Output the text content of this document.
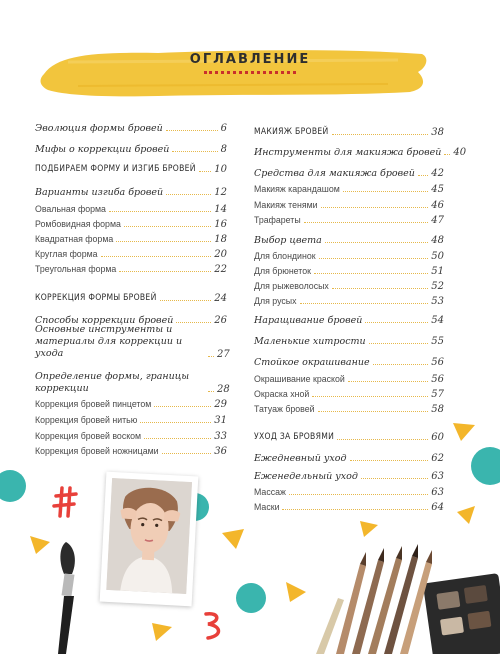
ОГЛАВЛЕНИЕ
Эволюция формы бровей	6
Мифы о коррекции бровей	8
ПОДБИРАЕМ ФОРМУ И ИЗГИБ БРОВЕЙ 10
Варианты изгиба бровей	12
Овальная форма	14
Ромбовидная форма	16
Квадратная форма	18
Круглая форма	20
Треугольная форма	22
КОРРЕКЦИЯ ФОРМЫ БРОВЕЙ	24
Способы коррекции бровей	26
Основные инструменты и материалы для коррекции и ухода	27
Определение формы, границы коррекции	28
Коррекция бровей пинцетом	29
Коррекция бровей нитью	31
Коррекция бровей воском	33
Коррекция бровей ножницами	36
МАКИЯЖ БРОВЕЙ	38
Инструменты для макияжа бровей 40
Средства для макияжа бровей 42
Макияж карандашом	45
Макияж тенями	46
Трафареты	47
Выбор цвета	48
Для блондинок	50
Для брюнеток	51
Для рыжеволосых	52
Для русых	53
Наращивание бровей	54
Маленькие хитрости	55
Стойкое окрашивание	56
Окрашивание краской	56
Окраска хной	57
Татуаж бровей	58
УХОД ЗА БРОВЯМИ	60
Ежедневный уход	62
Еженедельный уход	63
Массаж	63
Маски	64
